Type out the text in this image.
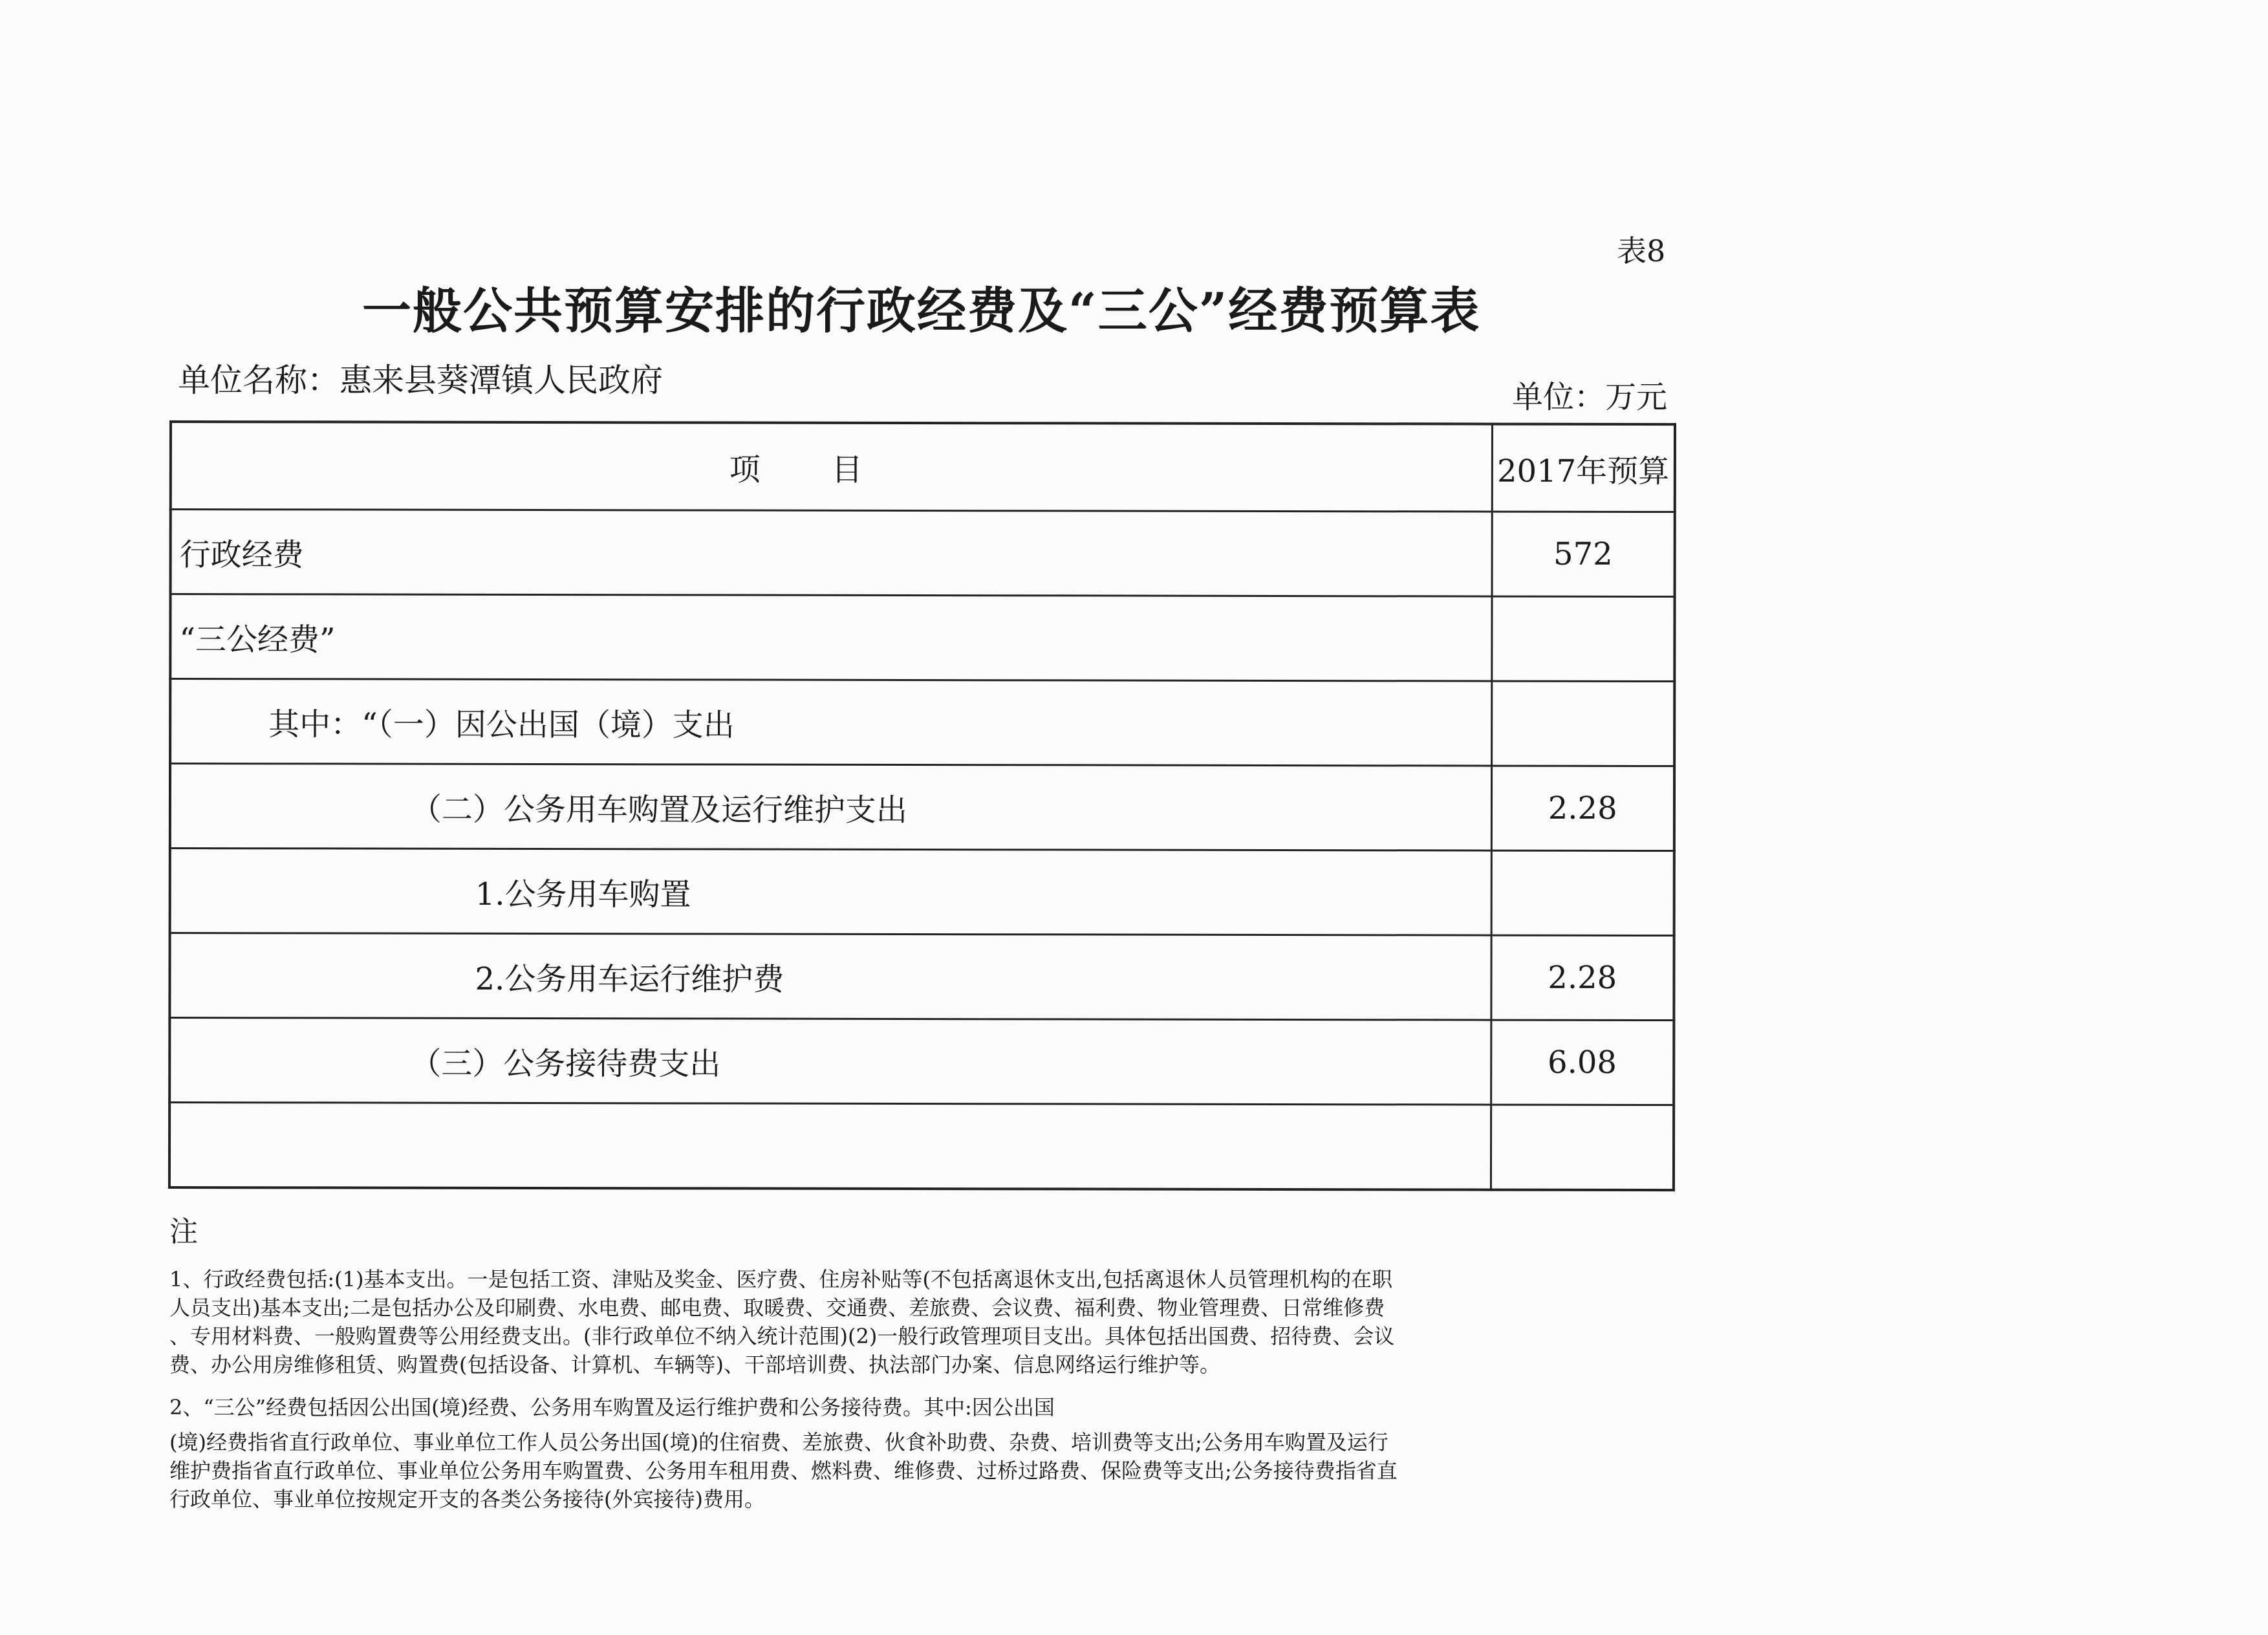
表8
一般公共预算安排的行政经费及“三公”经费预算表
单位名称：惠来县葵潭镇人民政府	单位：万元
项目	2017年预算
行政经费	572
“三公经费”	
其中：“（一）因公出国（境）支出	
（二）公务用车购置及运行维护支出	2.28
1.公务用车购置	
2.公务用车运行维护费	2.28
（三）公务接待费支出	6.08

注
1、行政经费包括:(1)基本支出。一是包括工资、津贴及奖金、医疗费、住房补贴等(不包括离退休支出,包括离退休人员管理机构的在职
人员支出)基本支出;二是包括办公及印刷费、水电费、邮电费、取暖费、交通费、差旅费、会议费、福利费、物业管理费、日常维修费
、专用材料费、一般购置费等公用经费支出。(非行政单位不纳入统计范围)(2)一般行政管理项目支出。具体包括出国费、招待费、会议
费、办公用房维修租赁、购置费(包括设备、计算机、车辆等)、干部培训费、执法部门办案、信息网络运行维护等。
2、“三公”经费包括因公出国(境)经费、公务用车购置及运行维护费和公务接待费。其中:因公出国
(境)经费指省直行政单位、事业单位工作人员公务出国(境)的住宿费、差旅费、伙食补助费、杂费、培训费等支出;公务用车购置及运行
维护费指省直行政单位、事业单位公务用车购置费、公务用车租用费、燃料费、维修费、过桥过路费、保险费等支出;公务接待费指省直
行政单位、事业单位按规定开支的各类公务接待(外宾接待)费用。
